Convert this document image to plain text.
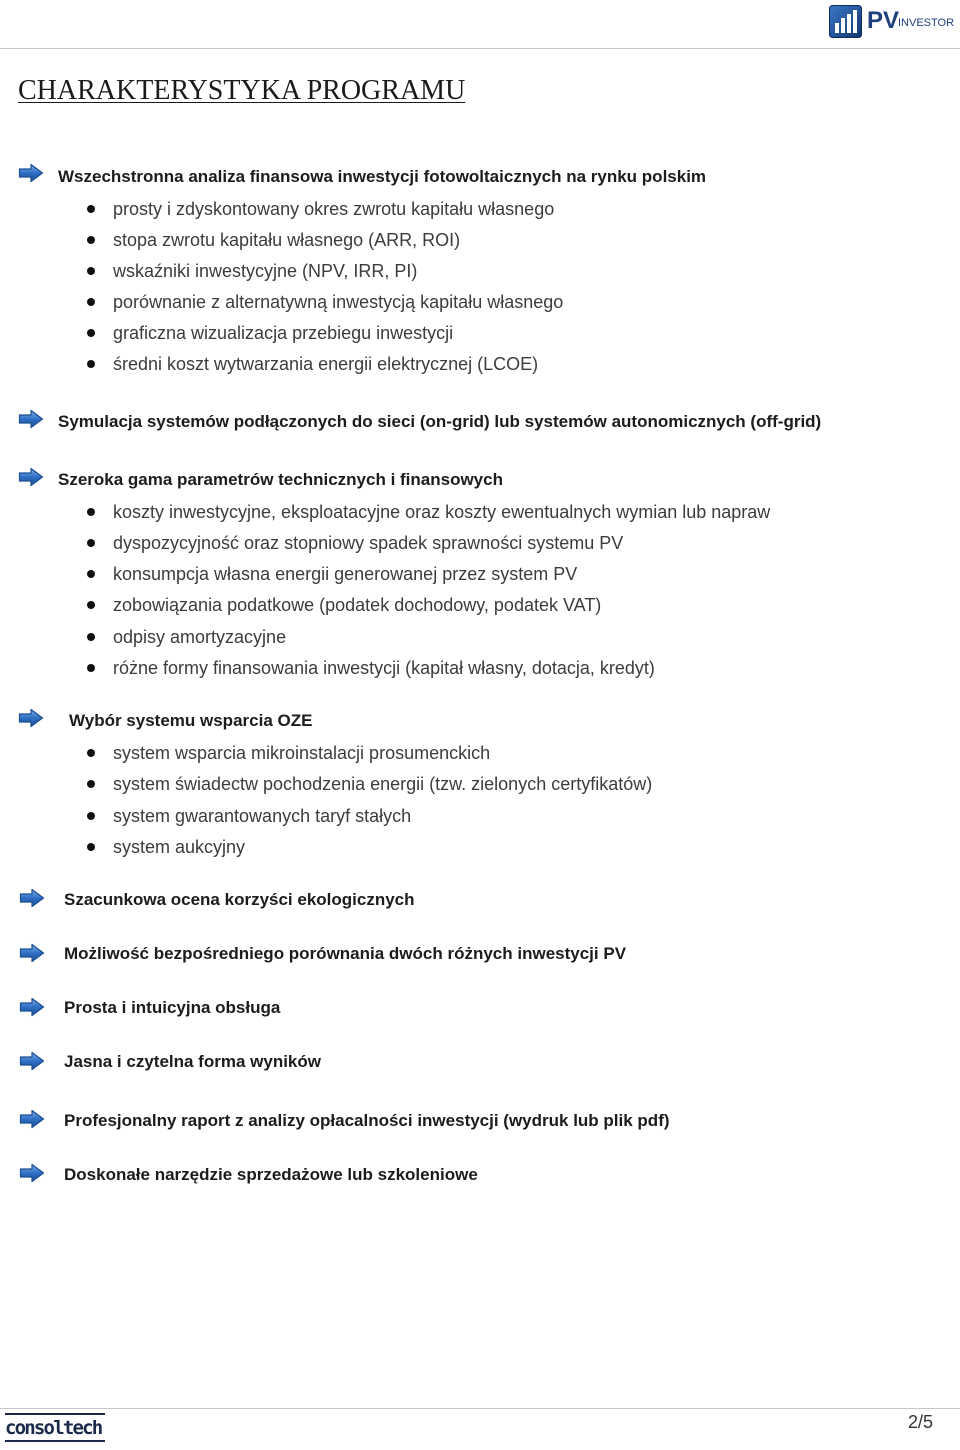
PV
INVESTOR
CHARAKTERYSTYKA PROGRAMU
Wszechstronna analiza finansowa inwestycji fotowoltaicznych na rynku polskim
prosty i zdyskontowany okres zwrotu kapitału własnego
stopa zwrotu kapitału własnego (ARR, ROI)
wskaźniki inwestycyjne (NPV, IRR, PI)
porównanie z alternatywną inwestycją kapitału własnego
graficzna wizualizacja przebiegu inwestycji
średni koszt wytwarzania energii elektrycznej (LCOE)
Symulacja systemów podłączonych do sieci (on-grid) lub systemów autonomicznych (off-grid)
Szeroka gama parametrów technicznych i finansowych
koszty inwestycyjne, eksploatacyjne oraz koszty ewentualnych wymian lub napraw
dyspozycyjność oraz stopniowy spadek sprawności systemu PV
konsumpcja własna energii generowanej przez system PV
zobowiązania podatkowe (podatek dochodowy, podatek VAT)
odpisy amortyzacyjne
różne formy finansowania inwestycji (kapitał własny, dotacja, kredyt)
Wybór systemu wsparcia OZE
system wsparcia mikroinstalacji prosumenckich
system świadectw pochodzenia energii (tzw. zielonych certyfikatów)
system gwarantowanych taryf stałych
system aukcyjny
Szacunkowa ocena korzyści ekologicznych
Możliwość bezpośredniego porównania dwóch różnych inwestycji PV
Prosta i intuicyjna obsługa
Jasna i czytelna forma wyników
Profesjonalny raport z analizy opłacalności inwestycji (wydruk lub plik pdf)
Doskonałe narzędzie sprzedażowe lub szkoleniowe
consoltech	2/5
